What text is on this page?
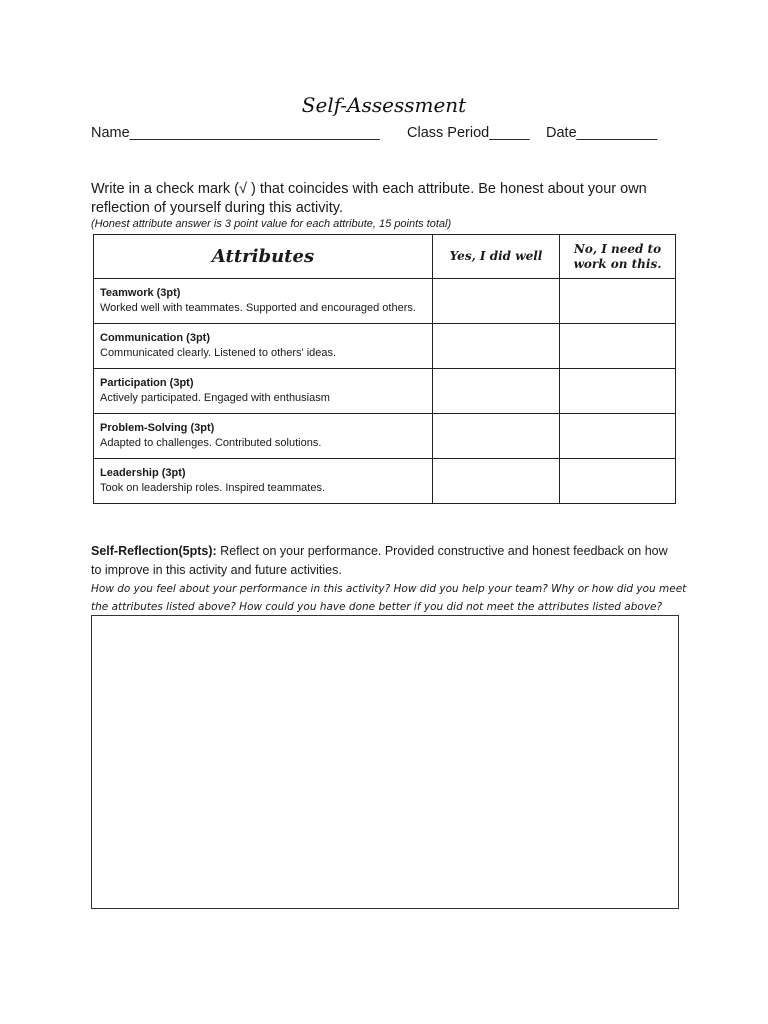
Self-Assessment
Name_______________________________ Class Period_____ Date__________
Write in a check mark (√ ) that coincides with each attribute. Be honest about your own reflection of yourself during this activity.
(Honest attribute answer is 3 point value for each attribute, 15 points total)
Attributes	Yes, I did well	No, I need to work on this.

Teamwork (3pt)
Worked well with teammates. Supported and encouraged others.		

Communication (3pt)
Communicated clearly. Listened to others' ideas.		

Participation (3pt)
Actively participated. Engaged with enthusiasm		

Problem-Solving (3pt)
Adapted to challenges. Contributed solutions.		

Leadership (3pt)
Took on leadership roles. Inspired teammates.		

Self-Reflection(5pts): Reflect on your performance. Provided constructive and honest feedback on how to improve in this activity and future activities.
How do you feel about your performance in this activity? How did you help your team? Why or how did you meet the attributes listed above? How could you have done better if you did not meet the attributes listed above?
